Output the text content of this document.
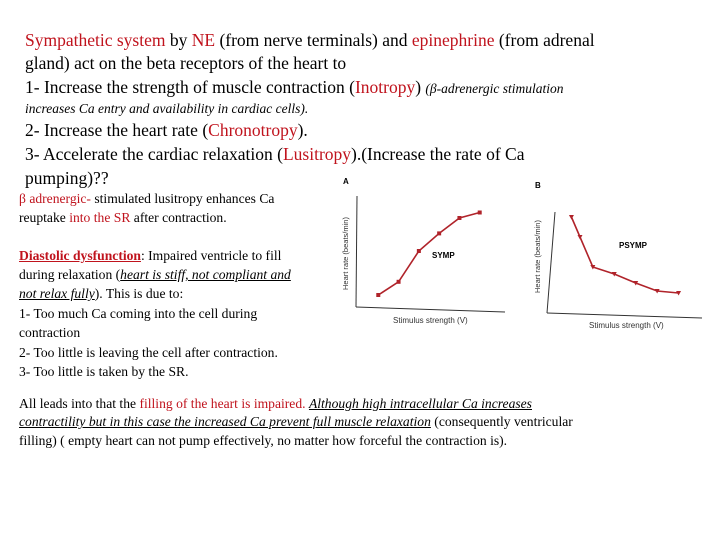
Sympathetic system by NE (from nerve terminals) and epinephrine (from adrenal
gland) act on the beta receptors of the heart to
1- Increase the strength of muscle contraction (Inotropy) (β-adrenergic stimulation
increases Ca entry and availability in cardiac cells).
2- Increase the heart rate (Chronotropy).
3- Accelerate the cardiac relaxation (Lusitropy).(Increase the rate of Ca
pumping)??
β adrenergic- stimulated lusitropy enhances Ca
reuptake into the SR after contraction.
Diastolic dysfunction: Impaired ventricle to fill
during relaxation (heart is stiff, not compliant and
not relax fully). This is due to:
1- Too much Ca coming into the cell during
contraction
2- Too little is leaving the cell after contraction.
3- Too little is taken by the SR.
All leads into that the filling of the heart is impaired. Although high intracellular Ca increases
contractility but in this case the increased Ca prevent full muscle relaxation (consequently ventricular
filling) ( empty heart can not pump effectively, no matter how forceful the contraction is).
A
SYMP
Stimulus strength (V)
Heart rate (beats/min)
B
PSYMP
Stimulus strength (V)
Heart rate (beats/min)
